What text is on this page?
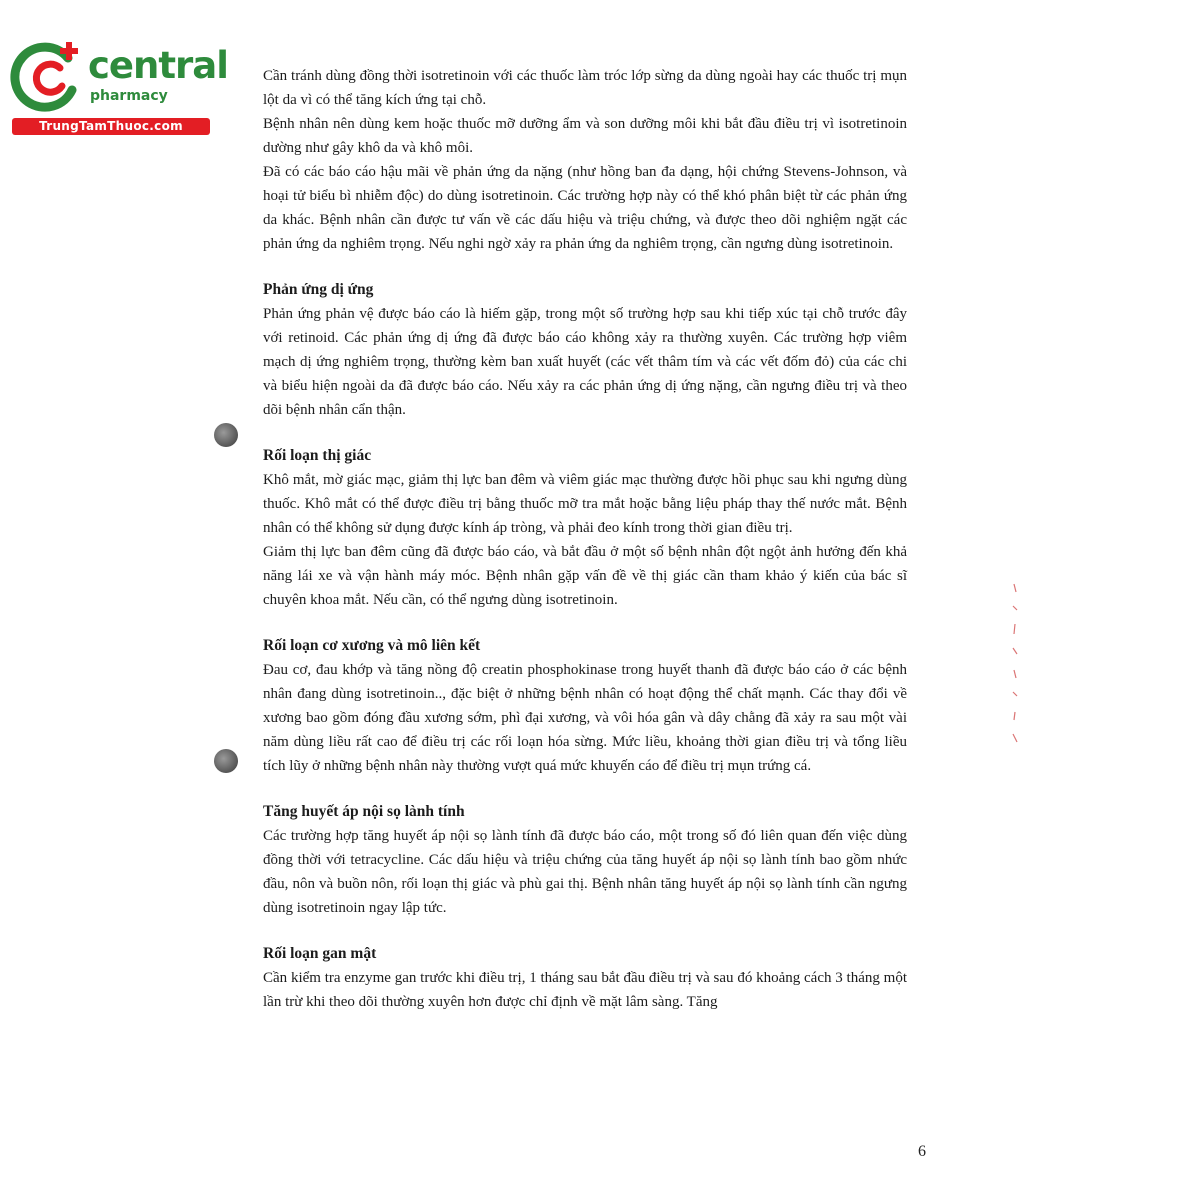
central
pharmacy
TrungTamThuoc.com

Cần tránh dùng đồng thời isotretinoin với các thuốc làm tróc lớp sừng da dùng ngoài hay các thuốc trị mụn lột da vì có thể tăng kích ứng tại chỗ.

Bệnh nhân nên dùng kem hoặc thuốc mỡ dưỡng ẩm và son dưỡng môi khi bắt đầu điều trị vì isotretinoin dường như gây khô da và khô môi.

Đã có các báo cáo hậu mãi về phản ứng da nặng (như hồng ban đa dạng, hội chứng Stevens-Johnson, và hoại tử biểu bì nhiễm độc) do dùng isotretinoin. Các trường hợp này có thể khó phân biệt từ các phản ứng da khác. Bệnh nhân cần được tư vấn về các dấu hiệu và triệu chứng, và được theo dõi nghiệm ngặt các phản ứng da nghiêm trọng. Nếu nghi ngờ xảy ra phản ứng da nghiêm trọng, cần ngưng dùng isotretinoin.

Phản ứng dị ứng

Phản ứng phản vệ được báo cáo là hiếm gặp, trong một số trường hợp sau khi tiếp xúc tại chỗ trước đây với retinoid. Các phản ứng dị ứng đã được báo cáo không xảy ra thường xuyên. Các trường hợp viêm mạch dị ứng nghiêm trọng, thường kèm ban xuất huyết (các vết thâm tím và các vết đốm đỏ) của các chi và biểu hiện ngoài da đã được báo cáo. Nếu xảy ra các phản ứng dị ứng nặng, cần ngưng điều trị và theo dõi bệnh nhân cẩn thận.

Rối loạn thị giác

Khô mắt, mờ giác mạc, giảm thị lực ban đêm và viêm giác mạc thường được hồi phục sau khi ngưng dùng thuốc. Khô mắt có thể được điều trị bằng thuốc mỡ tra mắt hoặc bằng liệu pháp thay thế nước mắt. Bệnh nhân có thể không sử dụng được kính áp tròng, và phải đeo kính trong thời gian điều trị.

Giảm thị lực ban đêm cũng đã được báo cáo, và bắt đầu ở một số bệnh nhân đột ngột ảnh hưởng đến khả năng lái xe và vận hành máy móc. Bệnh nhân gặp vấn đề về thị giác cần tham khảo ý kiến của bác sĩ chuyên khoa mắt. Nếu cần, có thể ngưng dùng isotretinoin.

Rối loạn cơ xương và mô liên kết

Đau cơ, đau khớp và tăng nồng độ creatin phosphokinase trong huyết thanh đã được báo cáo ở các bệnh nhân đang dùng isotretinoin.., đặc biệt ở những bệnh nhân có hoạt động thể chất mạnh. Các thay đổi về xương bao gồm đóng đầu xương sớm, phì đại xương, và vôi hóa gân và dây chằng đã xảy ra sau một vài năm dùng liều rất cao để điều trị các rối loạn hóa sừng. Mức liều, khoảng thời gian điều trị và tổng liều tích lũy ở những bệnh nhân này thường vượt quá mức khuyến cáo để điều trị mụn trứng cá.

Tăng huyết áp nội sọ lành tính

Các trường hợp tăng huyết áp nội sọ lành tính đã được báo cáo, một trong số đó liên quan đến việc dùng đồng thời với tetracycline. Các dấu hiệu và triệu chứng của tăng huyết áp nội sọ lành tính bao gồm nhức đầu, nôn và buồn nôn, rối loạn thị giác và phù gai thị. Bệnh nhân tăng huyết áp nội sọ lành tính cần ngưng dùng isotretinoin ngay lập tức.

Rối loạn gan mật

Cần kiểm tra enzyme gan trước khi điều trị, 1 tháng sau bắt đầu điều trị và sau đó khoảng cách 3 tháng một lần trừ khi theo dõi thường xuyên hơn được chỉ định về mặt lâm sàng. Tăng

6
